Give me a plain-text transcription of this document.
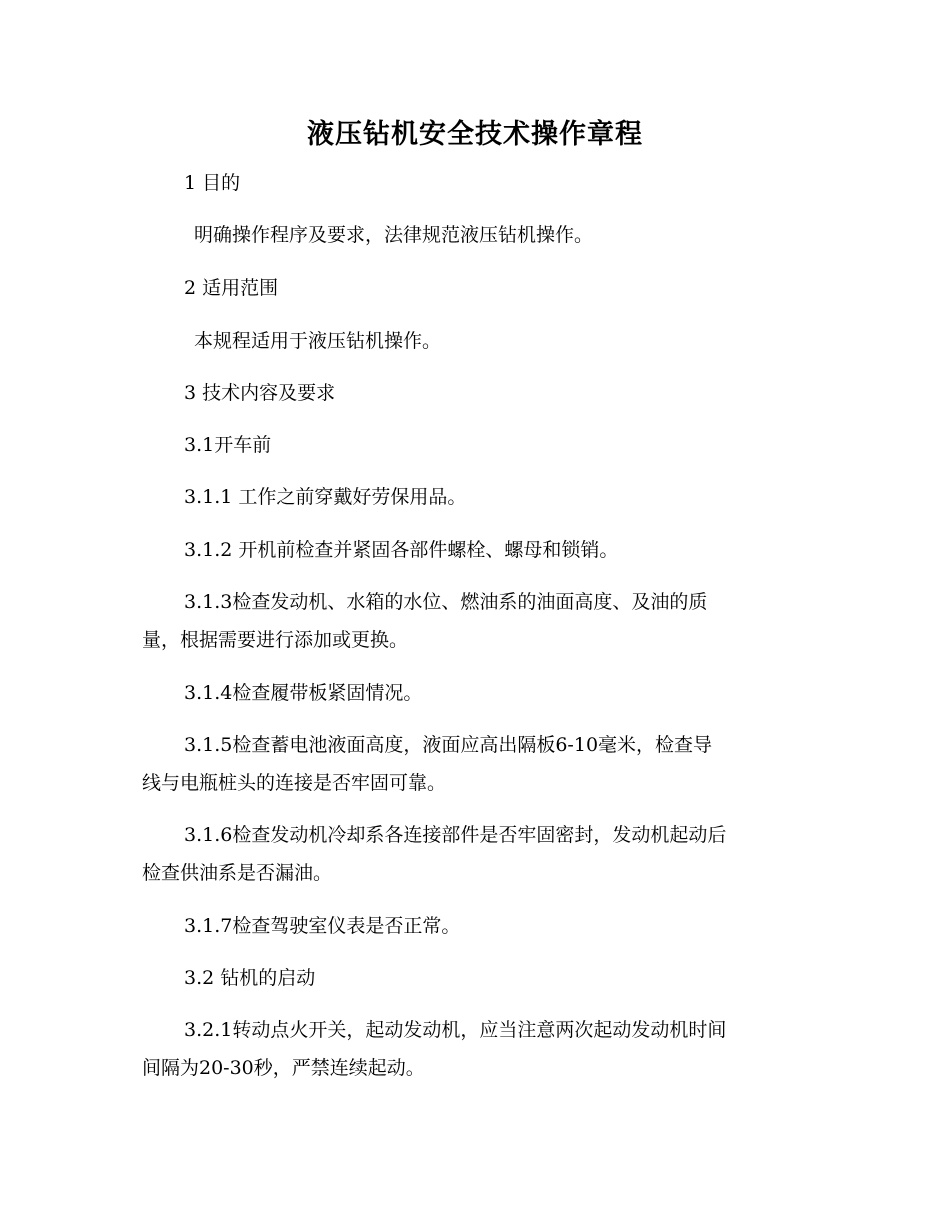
液压钻机安全技术操作章程

1 目的

明确操作程序及要求，法律规范液压钻机操作。

2 适用范围

本规程适用于液压钻机操作。

3 技术内容及要求

3.1开车前

3.1.1 工作之前穿戴好劳保用品。

3.1.2 开机前检查并紧固各部件螺栓、螺母和锁销。

3.1.3检查发动机、水箱的水位、燃油系的油面高度、及油的质

量，根据需要进行添加或更换。

3.1.4检查履带板紧固情况。

3.1.5检查蓄电池液面高度，液面应高出隔板6-10毫米，检查导

线与电瓶桩头的连接是否牢固可靠。

3.1.6检查发动机冷却系各连接部件是否牢固密封，发动机起动后

检查供油系是否漏油。

3.1.7检查驾驶室仪表是否正常。

3.2 钻机的启动

3.2.1转动点火开关，起动发动机，应当注意两次起动发动机时间

间隔为20-30秒，严禁连续起动。
